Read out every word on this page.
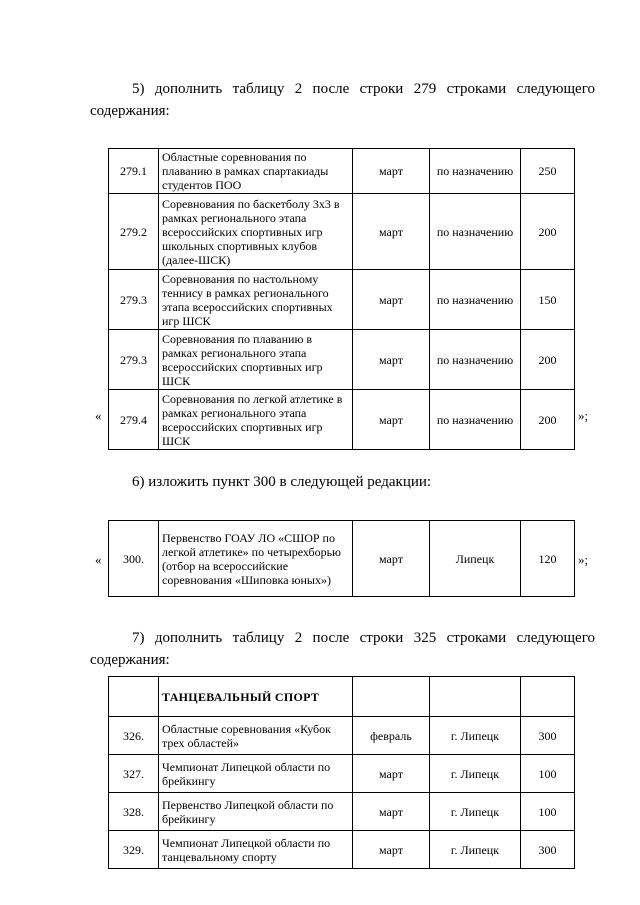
5) дополнить таблицу 2 после строки 279 строками следующего содержания:

279.1	Областные соревнования по плаванию в рамках спартакиады студентов ПОО	март	по назначению	250
279.2	Соревнования по баскетболу 3х3 в рамках регионального этапа всероссийских спортивных игр школьных спортивных клубов (далее-ШСК)	март	по назначению	200
279.3	Соревнования по настольному теннису в рамках регионального этапа всероссийских спортивных игр ШСК	март	по назначению	150
279.3	Соревнования по плаванию в рамках регионального этапа всероссийских спортивных игр ШСК	март	по назначению	200
279.4	Соревнования по легкой атлетике в рамках регионального этапа всероссийских спортивных игр ШСК	март	по назначению	200
«	»;

6) изложить пункт 300 в следующей редакции:

300.	Первенство ГОАУ ЛО «СШОР по легкой атлетике» по четырехборью (отбор на всероссийские соревнования «Шиповка юных»)	март	Липецк	120
«	»;

7) дополнить таблицу 2 после строки 325 строками следующего содержания:

	ТАНЦЕВАЛЬНЫЙ СПОРТ			
326.	Областные соревнования «Кубок трех областей»	февраль	г. Липецк	300
327.	Чемпионат Липецкой области по брейкингу	март	г. Липецк	100
328.	Первенство Липецкой области по брейкингу	март	г. Липецк	100
329.	Чемпионат Липецкой области по танцевальному спорту	март	г. Липецк	300
